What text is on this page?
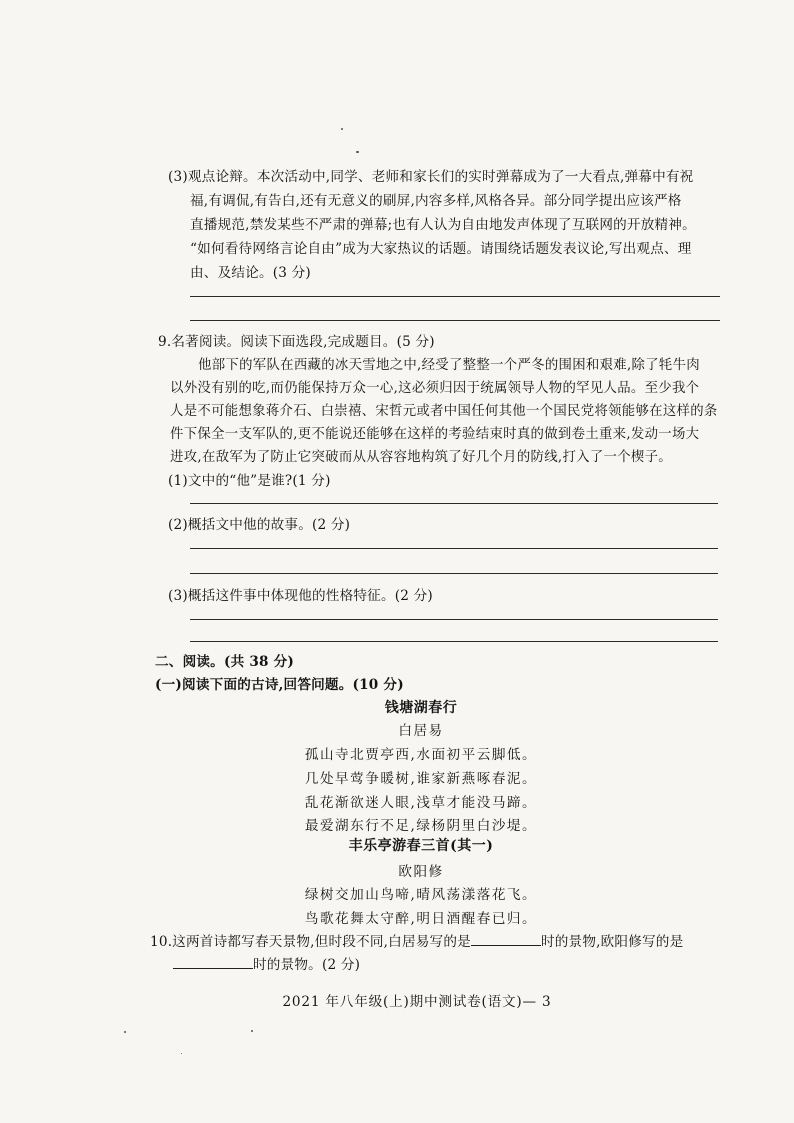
(3)观点论辩。本次活动中,同学、老师和家长们的实时弹幕成为了一大看点,弹幕中有祝

福,有调侃,有告白,还有无意义的刷屏,内容多样,风格各异。部分同学提出应该严格

直播规范,禁发某些不严肃的弹幕;也有人认为自由地发声体现了互联网的开放精神。

“如何看待网络言论自由”成为大家热议的话题。请围绕话题发表议论,写出观点、理

由、及结论。(3 分)

9.名著阅读。阅读下面选段,完成题目。(5 分)

他部下的军队在西藏的冰天雪地之中,经受了整整一个严冬的围困和艰难,除了牦牛肉

以外没有别的吃,而仍能保持万众一心,这必须归因于统属领导人物的罕见人品。至少我个

人是不可能想象蒋介石、白崇禧、宋哲元或者中国任何其他一个国民党将领能够在这样的条

件下保全一支军队的,更不能说还能够在这样的考验结束时真的做到卷土重来,发动一场大

进攻,在敌军为了防止它突破而从从容容地构筑了好几个月的防线,打入了一个楔子。

(1)文中的“他”是谁?(1 分)

(2)概括文中他的故事。(2 分)

(3)概括这件事中体现他的性格特征。(2 分)

二、阅读。(共 38 分)

(一)阅读下面的古诗,回答问题。(10 分)

钱塘湖春行

白居易

孤山寺北贾亭西,水面初平云脚低。

几处早莺争暖树,谁家新燕啄春泥。

乱花渐欲迷人眼,浅草才能没马蹄。

最爱湖东行不足,绿杨阴里白沙堤。

丰乐亭游春三首(其一)

欧阳修

绿树交加山鸟啼,晴风荡漾落花飞。

鸟歌花舞太守醉,明日酒醒春已归。

10.这两首诗都写春天景物,但时段不同,白居易写的是	时的景物,欧阳修写的是

时的景物。(2 分)

2021 年八年级(上)期中测试卷(语文)— 3
